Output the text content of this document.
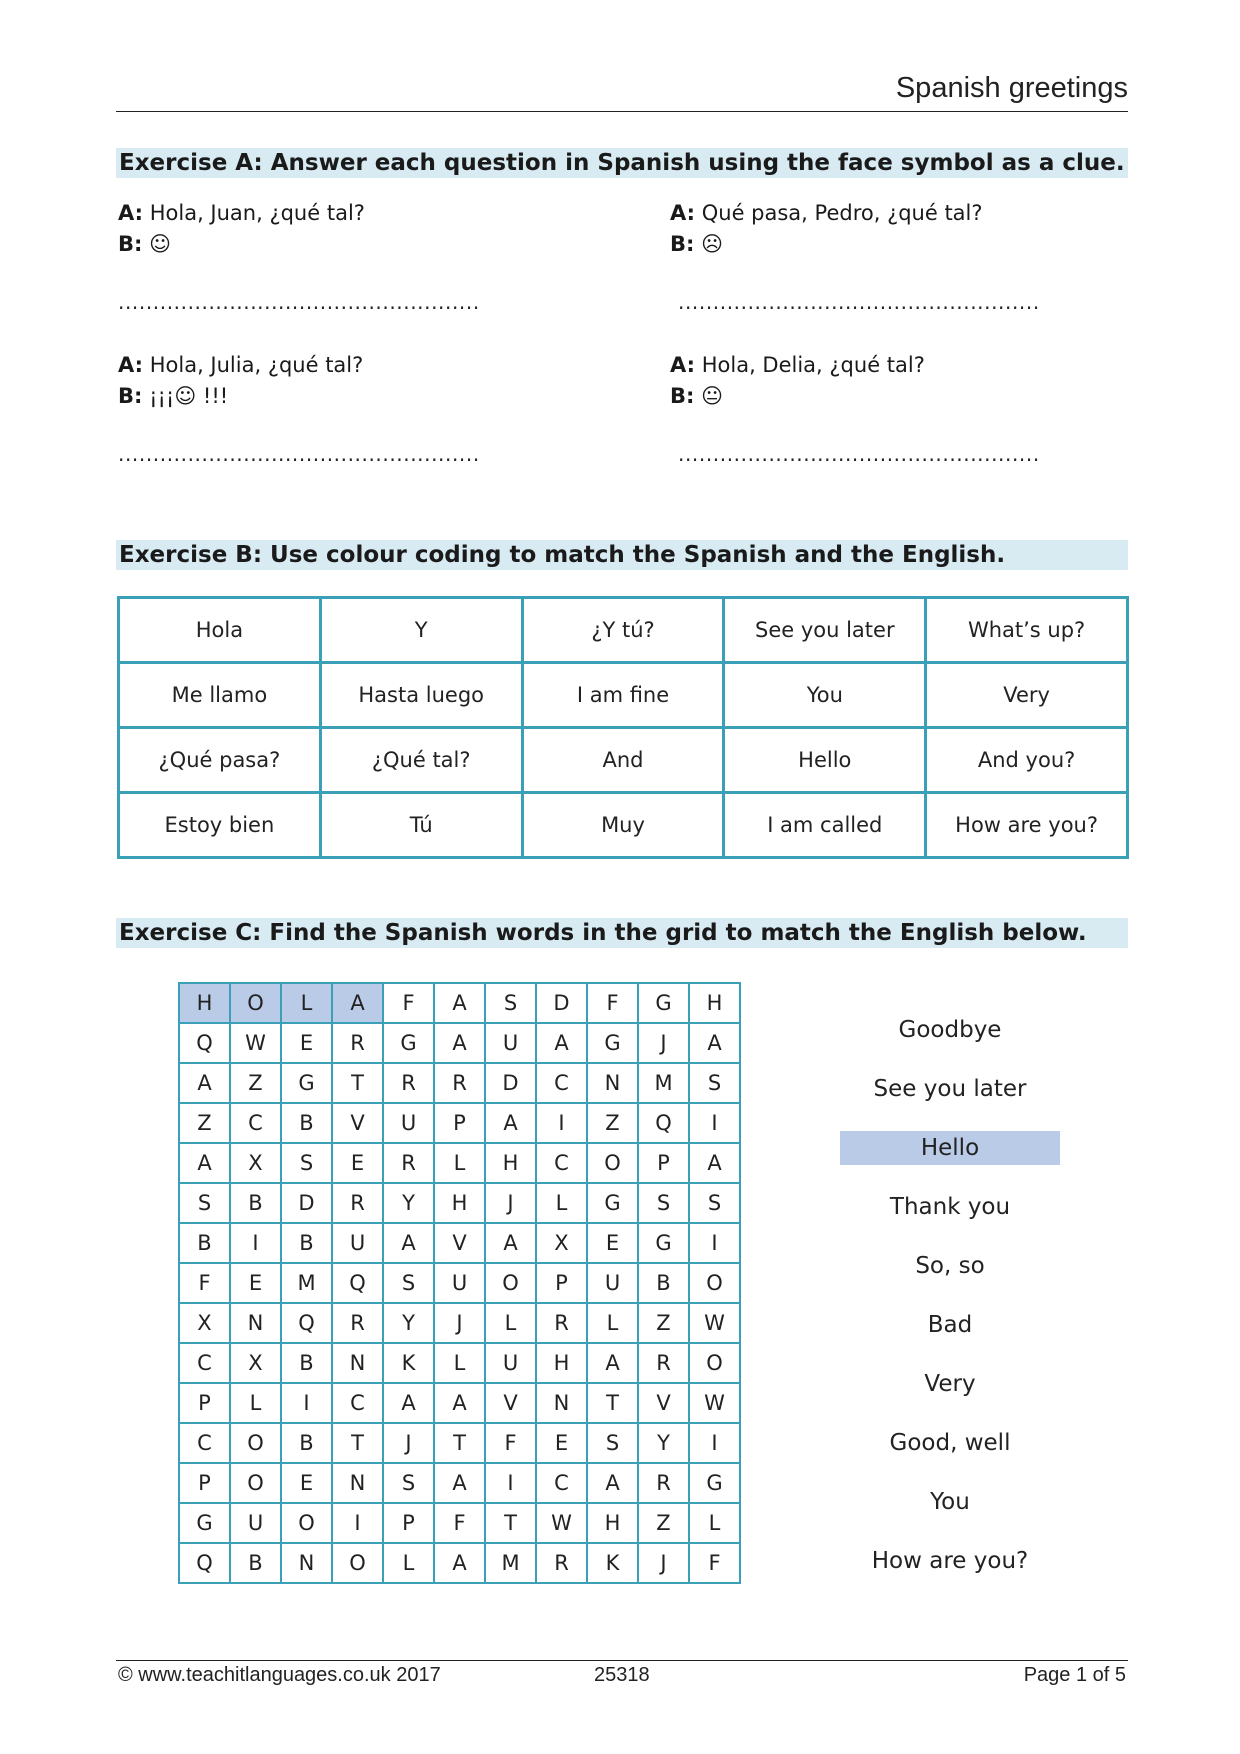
Spanish greetings
Exercise A: Answer each question in Spanish using the face symbol as a clue.
A: Hola, Juan, ¿qué tal?
B: ☺
....................................................
A: Qué pasa, Pedro, ¿qué tal?
B: ☹
....................................................
A: Hola, Julia, ¿qué tal?
B: ¡¡¡☺ !!!
....................................................
A: Hola, Delia, ¿qué tal?
B: 😐
....................................................
Exercise B: Use colour coding to match the Spanish and the English.
Hola	Y	¿Y tú?	See you later	What’s up?
Me llamo	Hasta luego	I am fine	You	Very
¿Qué pasa?	¿Qué tal?	And	Hello	And you?
Estoy bien	Tú	Muy	I am called	How are you?
Exercise C: Find the Spanish words in the grid to match the English below.
H	O	L	A	F	A	S	D	F	G	H
Q	W	E	R	G	A	U	A	G	J	A
A	Z	G	T	R	R	D	C	N	M	S
Z	C	B	V	U	P	A	I	Z	Q	I
A	X	S	E	R	L	H	C	O	P	A
S	B	D	R	Y	H	J	L	G	S	S
B	I	B	U	A	V	A	X	E	G	I
F	E	M	Q	S	U	O	P	U	B	O
X	N	Q	R	Y	J	L	R	L	Z	W
C	X	B	N	K	L	U	H	A	R	O
P	L	I	C	A	A	V	N	T	V	W
C	O	B	T	J	T	F	E	S	Y	I
P	O	E	N	S	A	I	C	A	R	G
G	U	O	I	P	F	T	W	H	Z	L
Q	B	N	O	L	A	M	R	K	J	F
Goodbye
See you later
Hello
Thank you
So, so
Bad
Very
Good, well
You
How are you?
© www.teachitlanguages.co.uk 2017	25318	Page 1 of 5
